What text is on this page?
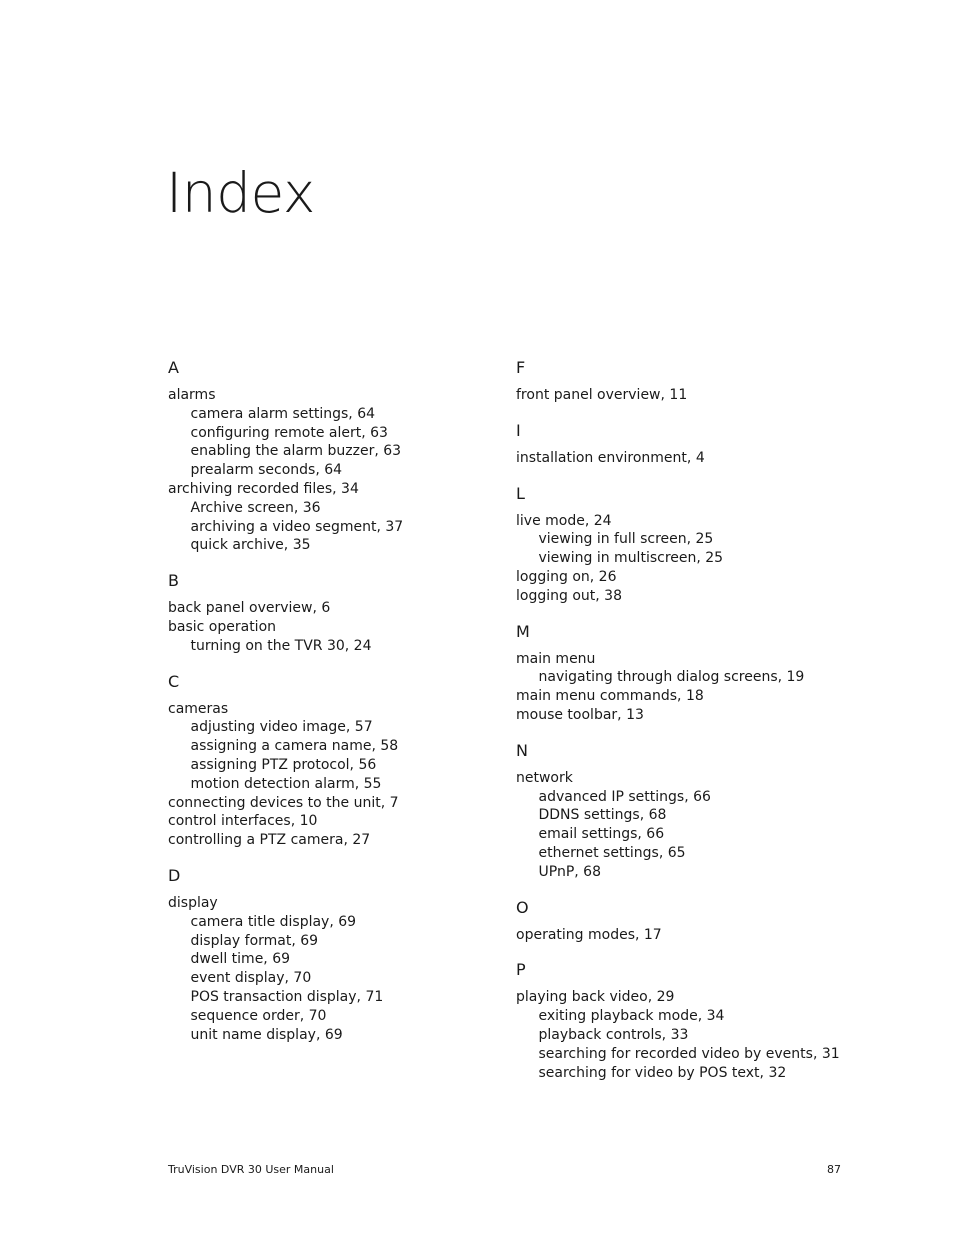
Index
A
alarms
camera alarm settings, 64
configuring remote alert, 63
enabling the alarm buzzer, 63
prealarm seconds, 64
archiving recorded files, 34
Archive screen, 36
archiving a video segment, 37
quick archive, 35
B
back panel overview, 6
basic operation
turning on the TVR 30, 24
C
cameras
adjusting video image, 57
assigning a camera name, 58
assigning PTZ protocol, 56
motion detection alarm, 55
connecting devices to the unit, 7
control interfaces, 10
controlling a PTZ camera, 27
D
display
camera title display, 69
display format, 69
dwell time, 69
event display, 70
POS transaction display, 71
sequence order, 70
unit name display, 69
F
front panel overview, 11
I
installation environment, 4
L
live mode, 24
viewing in full screen, 25
viewing in multiscreen, 25
logging on, 26
logging out, 38
M
main menu
navigating through dialog screens, 19
main menu commands, 18
mouse toolbar, 13
N
network
advanced IP settings, 66
DDNS settings, 68
email settings, 66
ethernet settings, 65
UPnP, 68
O
operating modes, 17
P
playing back video, 29
exiting playback mode, 34
playback controls, 33
searching for recorded video by events, 31
searching for video by POS text, 32
TruVision DVR 30 User Manual	87
